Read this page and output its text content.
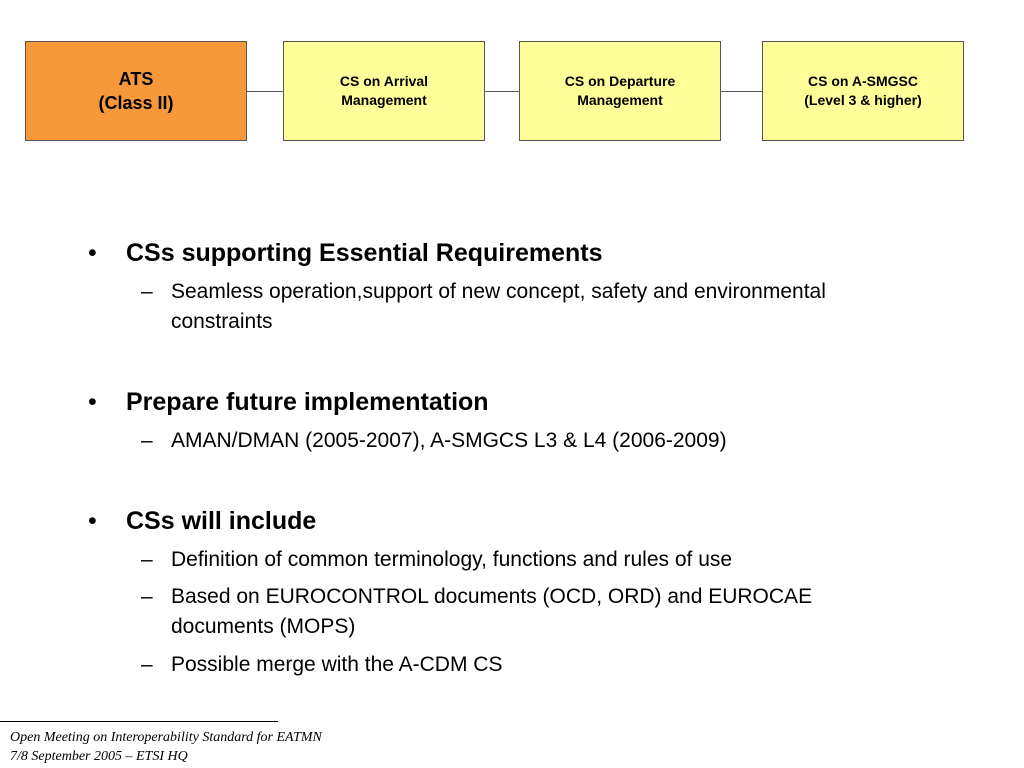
ATS
(Class II)
CS on Arrival
Management
CS on Departure
Management
CS on A-SMGSC
(Level 3 & higher)
• CSs supporting Essential Requirements
– Seamless operation,support of new concept, safety and environmental constraints
• Prepare future implementation
– AMAN/DMAN (2005-2007), A-SMGCS L3 & L4 (2006-2009)
• CSs will include
– Definition of common terminology, functions and rules of use
– Based on EUROCONTROL documents (OCD, ORD) and EUROCAE documents (MOPS)
– Possible merge with the A-CDM CS
Open Meeting on Interoperability Standard for EATMN
7/8 September 2005 – ETSI HQ
